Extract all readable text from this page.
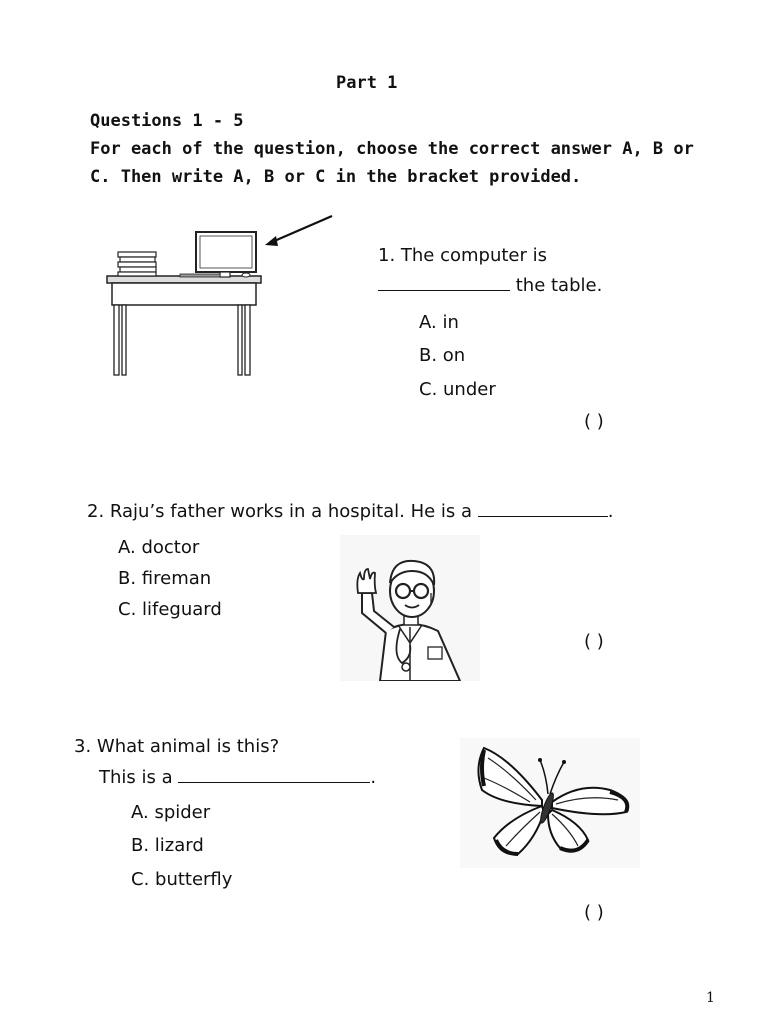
Part 1
Questions 1 - 5
For each of the question, choose the correct answer A, B or
C. Then write A, B or C in the bracket provided.
1. The computer is
the table.
A. in
B. on
C. under
( )
2. Raju’s father works in a hospital. He is a	.
A. doctor
B. fireman
C. lifeguard
( )
3. What animal is this?
This is a	.
A. spider
B. lizard
C. butterfly
( )
1
